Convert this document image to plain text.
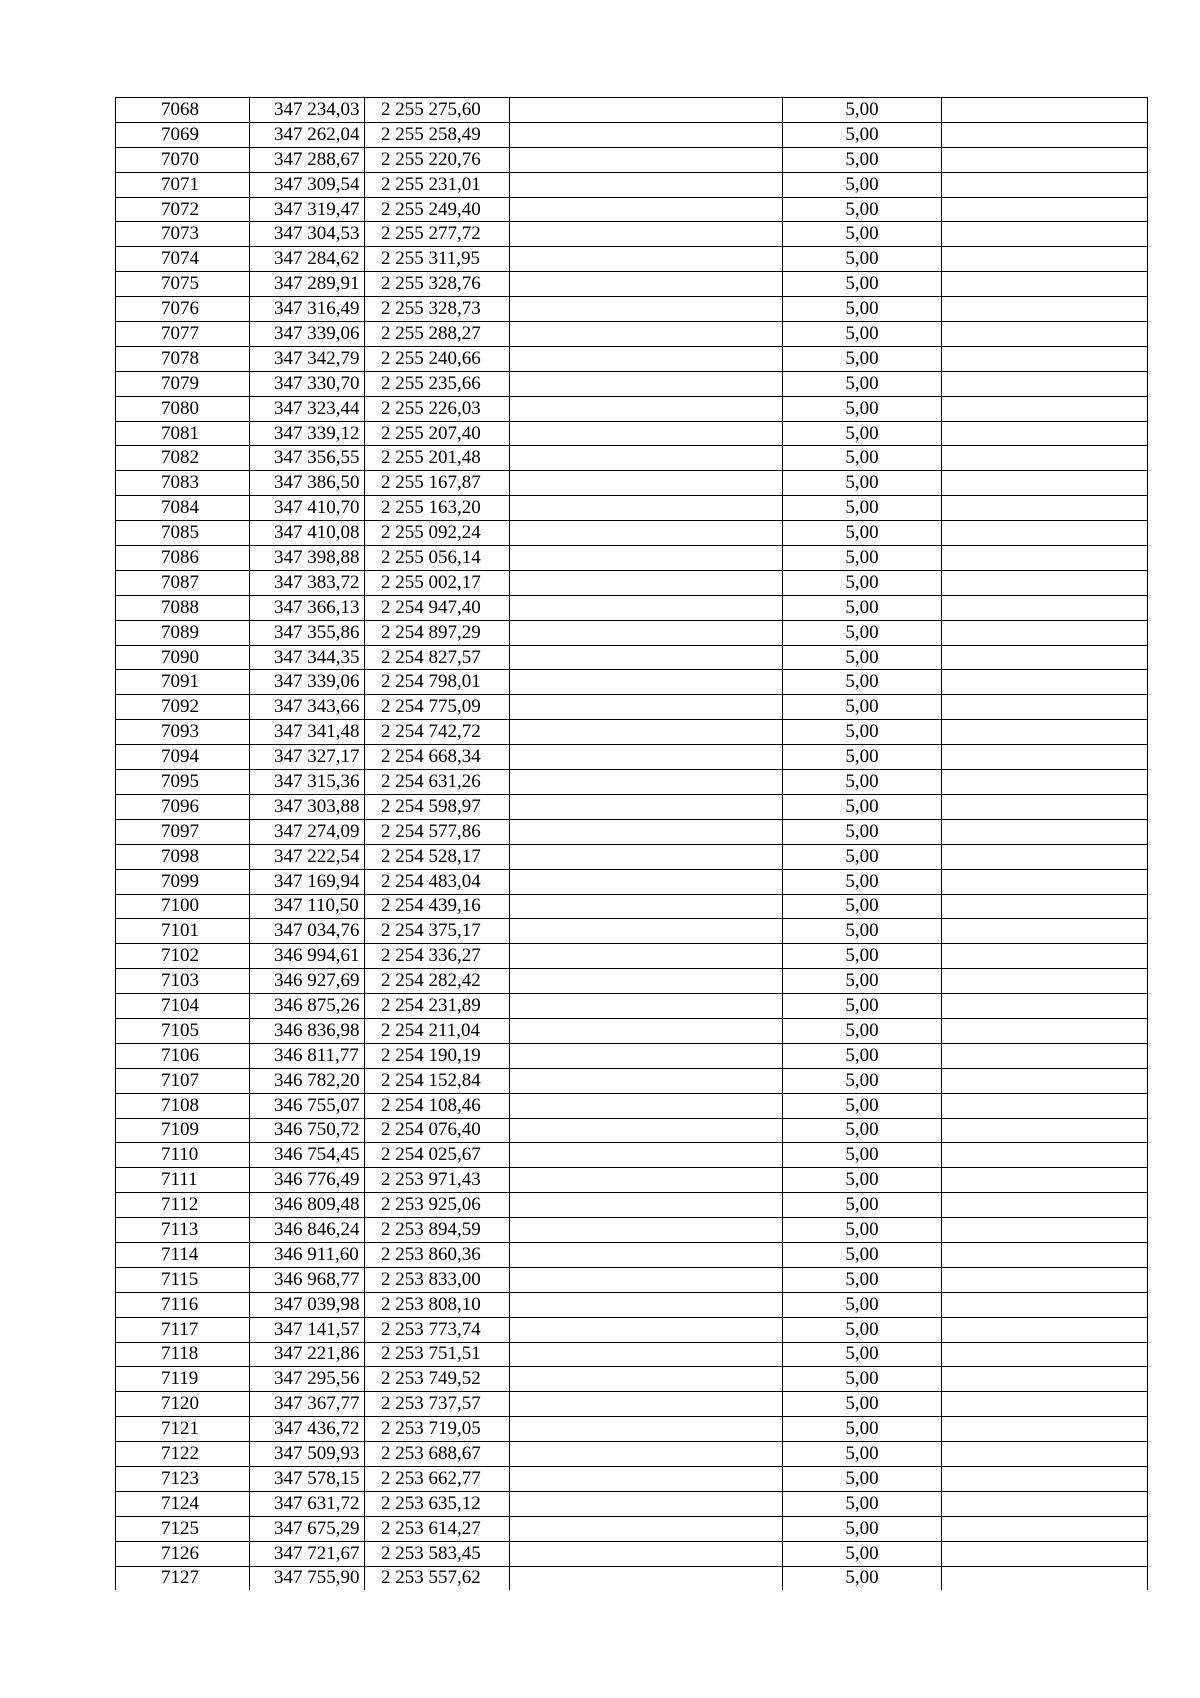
7068	347 234,03	2 255 275,60		5,00	
7069	347 262,04	2 255 258,49		5,00	
7070	347 288,67	2 255 220,76		5,00	
7071	347 309,54	2 255 231,01		5,00	
7072	347 319,47	2 255 249,40		5,00	
7073	347 304,53	2 255 277,72		5,00	
7074	347 284,62	2 255 311,95		5,00	
7075	347 289,91	2 255 328,76		5,00	
7076	347 316,49	2 255 328,73		5,00	
7077	347 339,06	2 255 288,27		5,00	
7078	347 342,79	2 255 240,66		5,00	
7079	347 330,70	2 255 235,66		5,00	
7080	347 323,44	2 255 226,03		5,00	
7081	347 339,12	2 255 207,40		5,00	
7082	347 356,55	2 255 201,48		5,00	
7083	347 386,50	2 255 167,87		5,00	
7084	347 410,70	2 255 163,20		5,00	
7085	347 410,08	2 255 092,24		5,00	
7086	347 398,88	2 255 056,14		5,00	
7087	347 383,72	2 255 002,17		5,00	
7088	347 366,13	2 254 947,40		5,00	
7089	347 355,86	2 254 897,29		5,00	
7090	347 344,35	2 254 827,57		5,00	
7091	347 339,06	2 254 798,01		5,00	
7092	347 343,66	2 254 775,09		5,00	
7093	347 341,48	2 254 742,72		5,00	
7094	347 327,17	2 254 668,34		5,00	
7095	347 315,36	2 254 631,26		5,00	
7096	347 303,88	2 254 598,97		5,00	
7097	347 274,09	2 254 577,86		5,00	
7098	347 222,54	2 254 528,17		5,00	
7099	347 169,94	2 254 483,04		5,00	
7100	347 110,50	2 254 439,16		5,00	
7101	347 034,76	2 254 375,17		5,00	
7102	346 994,61	2 254 336,27		5,00	
7103	346 927,69	2 254 282,42		5,00	
7104	346 875,26	2 254 231,89		5,00	
7105	346 836,98	2 254 211,04		5,00	
7106	346 811,77	2 254 190,19		5,00	
7107	346 782,20	2 254 152,84		5,00	
7108	346 755,07	2 254 108,46		5,00	
7109	346 750,72	2 254 076,40		5,00	
7110	346 754,45	2 254 025,67		5,00	
7111	346 776,49	2 253 971,43		5,00	
7112	346 809,48	2 253 925,06		5,00	
7113	346 846,24	2 253 894,59		5,00	
7114	346 911,60	2 253 860,36		5,00	
7115	346 968,77	2 253 833,00		5,00	
7116	347 039,98	2 253 808,10		5,00	
7117	347 141,57	2 253 773,74		5,00	
7118	347 221,86	2 253 751,51		5,00	
7119	347 295,56	2 253 749,52		5,00	
7120	347 367,77	2 253 737,57		5,00	
7121	347 436,72	2 253 719,05		5,00	
7122	347 509,93	2 253 688,67		5,00	
7123	347 578,15	2 253 662,77		5,00	
7124	347 631,72	2 253 635,12		5,00	
7125	347 675,29	2 253 614,27		5,00	
7126	347 721,67	2 253 583,45		5,00	
7127	347 755,90	2 253 557,62		5,00	
